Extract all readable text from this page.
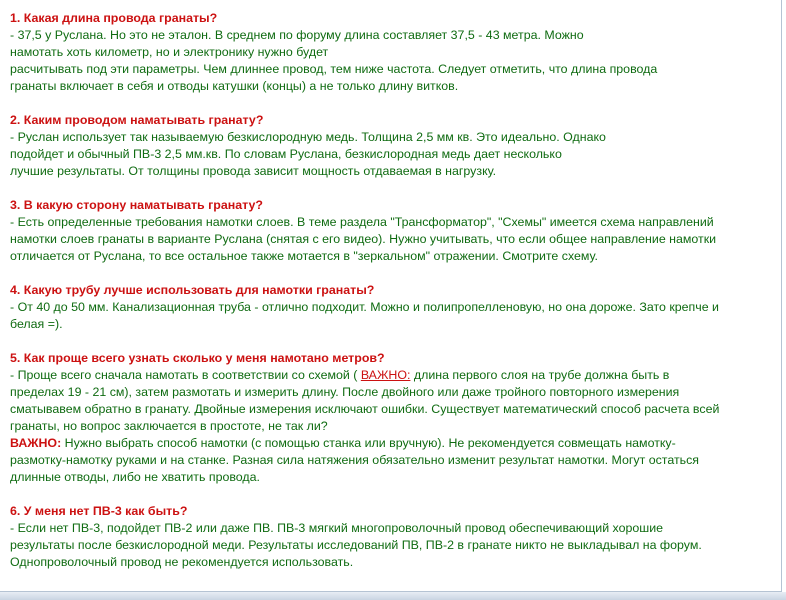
1. Какая длина провода гранаты?

- 37,5 у Руслана. Но это не эталон. В среднем по форуму длина составляет 37,5 - 43 метра. Можно

намотать хоть километр, но и электронику нужно будет

расчитывать под эти параметры. Чем длиннее провод, тем ниже частота. Следует отметить, что длина провода

гранаты включает в себя и отводы катушки (концы) а не только длину витков.

2. Каким проводом наматывать гранату?

- Руслан использует так называемую безкислородную медь. Толщина 2,5 мм кв. Это идеально. Однако

подойдет и обычный ПВ-3 2,5 мм.кв. По словам Руслана, безкислородная медь дает несколько

лучшие результаты. От толщины провода зависит мощность отдаваемая в нагрузку.

3. В какую сторону наматывать гранату?

- Есть определенные требования намотки слоев. В теме раздела "Трансформатор", "Схемы" имеется схема направлений

намотки слоев гранаты в варианте Руслана (снятая с его видео). Нужно учитывать, что если общее направление намотки

отличается от Руслана, то все остальное также мотается в "зеркальном" отражении. Смотрите схему.

4. Какую трубу лучше использовать для намотки гранаты?

- От 40 до 50 мм. Канализационная труба - отлично подходит. Можно и полипропелленовую, но она дороже. Зато крепче и

белая =).

5. Как проще всего узнать сколько у меня намотано метров?

- Проще всего сначала намотать в соответствии со схемой ( ВАЖНО: длина первого слоя на трубе должна быть в

пределах 19 - 21 см), затем размотать и измерить длину. После двойного или даже тройного повторного измерения

сматывавем обратно в гранату. Двойные измерения исключают ошибки. Существует математический способ расчета всей

гранаты, но вопрос заключается в простоте, не так ли?

ВАЖНО: Нужно выбрать способ намотки (с помощью станка или вручную). Не рекомендуется совмещать намотку-

размотку-намотку руками и на станке. Разная сила натяжения обязательно изменит результат намотки. Могут остаться

длинные отводы, либо не хватить провода.

6. У меня нет ПВ-3 как быть?

- Если нет ПВ-3, подойдет ПВ-2 или даже ПВ. ПВ-3 мягкий многопроволочный провод обеспечивающий хорошие

результаты после безкислородной меди. Результаты исследований ПВ, ПВ-2 в гранате никто не выкладывал на форум.

Однопроволочный провод не рекомендуется использовать.
